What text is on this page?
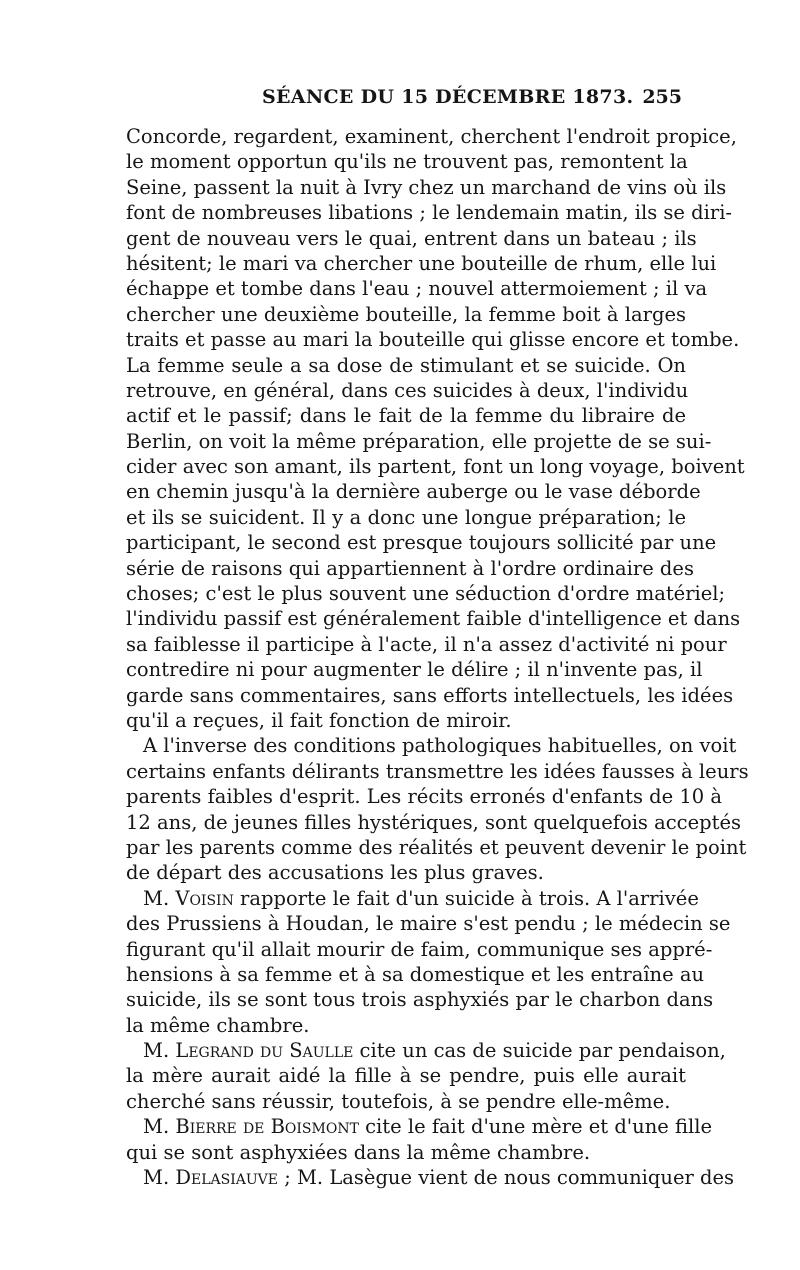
SÉANCE DU 15 DÉCEMBRE 1873. 255
Concorde, regardent, examinent, cherchent l'endroit propice,
le moment opportun qu'ils ne trouvent pas, remontent la
Seine, passent la nuit à Ivry chez un marchand de vins où ils
font de nombreuses libations ; le lendemain matin, ils se diri-
gent de nouveau vers le quai, entrent dans un bateau ; ils
hésitent; le mari va chercher une bouteille de rhum, elle lui
échappe et tombe dans l'eau ; nouvel attermoiement ; il va
chercher une deuxième bouteille, la femme boit à larges
traits et passe au mari la bouteille qui glisse encore et tombe.
La femme seule a sa dose de stimulant et se suicide. On
retrouve, en général, dans ces suicides à deux, l'individu
actif et le passif; dans le fait de la femme du libraire de
Berlin, on voit la même préparation, elle projette de se sui-
cider avec son amant, ils partent, font un long voyage, boivent
en chemin jusqu'à la dernière auberge ou le vase déborde
et ils se suicident. Il y a donc une longue préparation; le
participant, le second est presque toujours sollicité par une
série de raisons qui appartiennent à l'ordre ordinaire des
choses; c'est le plus souvent une séduction d'ordre matériel;
l'individu passif est généralement faible d'intelligence et dans
sa faiblesse il participe à l'acte, il n'a assez d'activité ni pour
contredire ni pour augmenter le délire ; il n'invente pas, il
garde sans commentaires, sans efforts intellectuels, les idées
qu'il a reçues, il fait fonction de miroir.
A l'inverse des conditions pathologiques habituelles, on voit
certains enfants délirants transmettre les idées fausses à leurs
parents faibles d'esprit. Les récits erronés d'enfants de 10 à
12 ans, de jeunes filles hystériques, sont quelquefois acceptés
par les parents comme des réalités et peuvent devenir le point
de départ des accusations les plus graves.
M. Voisin rapporte le fait d'un suicide à trois. A l'arrivée
des Prussiens à Houdan, le maire s'est pendu ; le médecin se
figurant qu'il allait mourir de faim, communique ses appré-
hensions à sa femme et à sa domestique et les entraîne au
suicide, ils se sont tous trois asphyxiés par le charbon dans
la même chambre.
M. Legrand du Saulle cite un cas de suicide par pendaison,
la mère aurait aidé la fille à se pendre, puis elle aurait
cherché sans réussir, toutefois, à se pendre elle-même.
M. Bierre de Boismont cite le fait d'une mère et d'une fille
qui se sont asphyxiées dans la même chambre.
M. Delasiauve ; M. Lasègue vient de nous communiquer des
